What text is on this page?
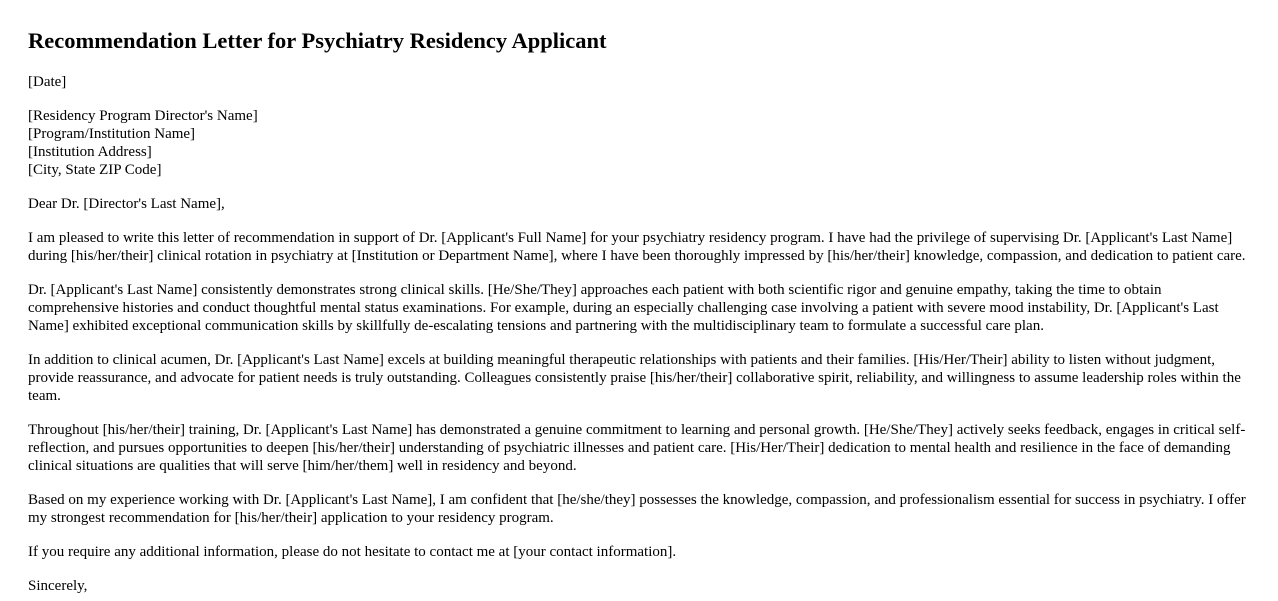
Recommendation Letter for Psychiatry Residency Applicant

[Date]

[Residency Program Director's Name]
[Program/Institution Name]
[Institution Address]
[City, State ZIP Code]

Dear Dr. [Director's Last Name],

I am pleased to write this letter of recommendation in support of Dr. [Applicant's Full Name] for your psychiatry residency program. I have had the privilege of supervising Dr. [Applicant's Last Name] during [his/her/their] clinical rotation in psychiatry at [Institution or Department Name], where I have been thoroughly impressed by [his/her/their] knowledge, compassion, and dedication to patient care.

Dr. [Applicant's Last Name] consistently demonstrates strong clinical skills. [He/She/They] approaches each patient with both scientific rigor and genuine empathy, taking the time to obtain comprehensive histories and conduct thoughtful mental status examinations. For example, during an especially challenging case involving a patient with severe mood instability, Dr. [Applicant's Last Name] exhibited exceptional communication skills by skillfully de-escalating tensions and partnering with the multidisciplinary team to formulate a successful care plan.

In addition to clinical acumen, Dr. [Applicant's Last Name] excels at building meaningful therapeutic relationships with patients and their families. [His/Her/Their] ability to listen without judgment, provide reassurance, and advocate for patient needs is truly outstanding. Colleagues consistently praise [his/her/their] collaborative spirit, reliability, and willingness to assume leadership roles within the team.

Throughout [his/her/their] training, Dr. [Applicant's Last Name] has demonstrated a genuine commitment to learning and personal growth. [He/She/They] actively seeks feedback, engages in critical self-reflection, and pursues opportunities to deepen [his/her/their] understanding of psychiatric illnesses and patient care. [His/Her/Their] dedication to mental health and resilience in the face of demanding clinical situations are qualities that will serve [him/her/them] well in residency and beyond.

Based on my experience working with Dr. [Applicant's Last Name], I am confident that [he/she/they] possesses the knowledge, compassion, and professionalism essential for success in psychiatry. I offer my strongest recommendation for [his/her/their] application to your residency program.

If you require any additional information, please do not hesitate to contact me at [your contact information].

Sincerely,
